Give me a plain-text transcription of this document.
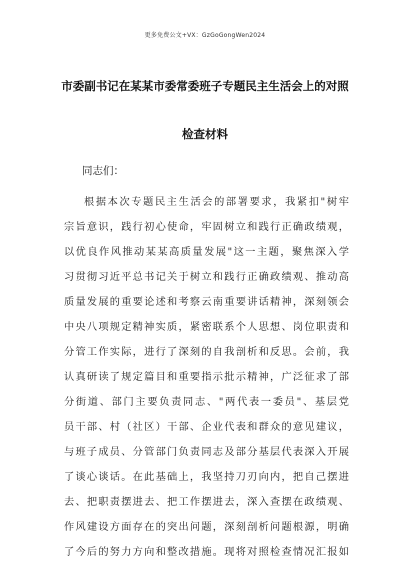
更多免费公文+VX：GzGoGongWen2024
市委副书记在某某市委常委班子专题民主生活会上的对照
检查材料
同志们：
根据本次专题民主生活会的部署要求，我紧扣"树牢
宗旨意识，践行初心使命，牢固树立和践行正确政绩观，
以优良作风推动某某高质量发展"这一主题，聚焦深入学
习贯彻习近平总书记关于树立和践行正确政绩观、推动高
质量发展的重要论述和考察云南重要讲话精神，深刻领会
中央八项规定精神实质，紧密联系个人思想、岗位职责和
分管工作实际，进行了深刻的自我剖析和反思。会前，我
认真研读了规定篇目和重要指示批示精神，广泛征求了部
分街道、部门主要负责同志、"两代表一委员"、基层党
员干部、村（社区）干部、企业代表和群众的意见建议，
与班子成员、分管部门负责同志及部分基层代表深入开展
了谈心谈话。在此基础上，我坚持刀刃向内，把自己摆进
去、把职责摆进去、把工作摆进去，深入查摆在政绩观、
作风建设方面存在的突出问题，深刻剖析问题根源，明确
了今后的努力方向和整改措施。现将对照检查情况汇报如
